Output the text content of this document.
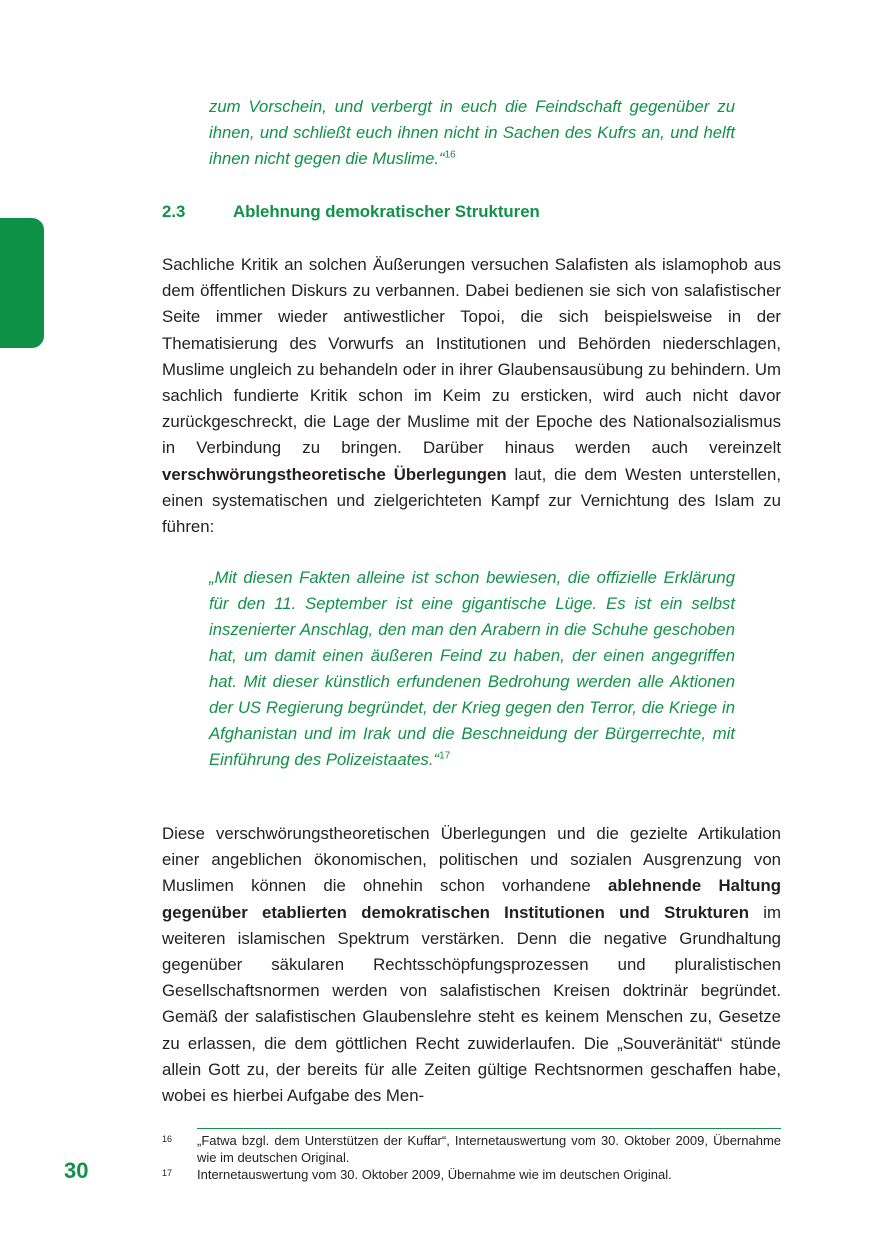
zum Vorschein, und verbergt in euch die Feindschaft gegenüber zu ihnen, und schließt euch ihnen nicht in Sachen des Kufrs an, und helft ihnen nicht gegen die Muslime.“$^{16}$

2.3	Ablehnung demokratischer Strukturen

Sachliche Kritik an solchen Äußerungen versuchen Salafisten als islamophob aus dem öffentlichen Diskurs zu verbannen. Dabei bedienen sie sich von salafistischer Seite immer wieder antiwestlicher Topoi, die sich beispielsweise in der Thematisierung des Vorwurfs an Institutionen und Behörden niederschlagen, Muslime ungleich zu behandeln oder in ihrer Glaubensausübung zu behindern. Um sachlich fundierte Kritik schon im Keim zu ersticken, wird auch nicht davor zurückgeschreckt, die Lage der Muslime mit der Epoche des Nationalsozialismus in Verbindung zu bringen. Darüber hinaus werden auch vereinzelt verschwörungstheoretische Überlegungen laut, die dem Westen unterstellen, einen systematischen und zielgerichteten Kampf zur Vernichtung des Islam zu führen:

„Mit diesen Fakten alleine ist schon bewiesen, die offizielle Erklärung für den 11. September ist eine gigantische Lüge. Es ist ein selbst inszenierter Anschlag, den man den Arabern in die Schuhe geschoben hat, um damit einen äußeren Feind zu haben, der einen angegriffen hat. Mit dieser künstlich erfundenen Bedrohung werden alle Aktionen der US Regierung begründet, der Krieg gegen den Terror, die Kriege in Afghanistan und im Irak und die Beschneidung der Bürgerrechte, mit Einführung des Polizeistaates.“$^{17}$

Diese verschwörungstheoretischen Überlegungen und die gezielte Artikulation einer angeblichen ökonomischen, politischen und sozialen Ausgrenzung von Muslimen können die ohnehin schon vorhandene ablehnende Haltung gegenüber etablierten demokratischen Institutionen und Strukturen im weiteren islamischen Spektrum verstärken. Denn die negative Grundhaltung gegenüber säkularen Rechtsschöpfungsprozessen und pluralistischen Gesellschaftsnormen werden von salafistischen Kreisen doktrinär begründet. Gemäß der salafistischen Glaubenslehre steht es keinem Menschen zu, Gesetze zu erlassen, die dem göttlichen Recht zuwiderlaufen. Die „Souveränität“ stünde allein Gott zu, der bereits für alle Zeiten gültige Rechtsnormen geschaffen habe, wobei es hierbei Aufgabe des Men-

16	„Fatwa bzgl. dem Unterstützen der Kuffar“, Internetauswertung vom 30. Oktober 2009, Übernahme wie im deutschen Original.
17	Internetauswertung vom 30. Oktober 2009, Übernahme wie im deutschen Original.
30
